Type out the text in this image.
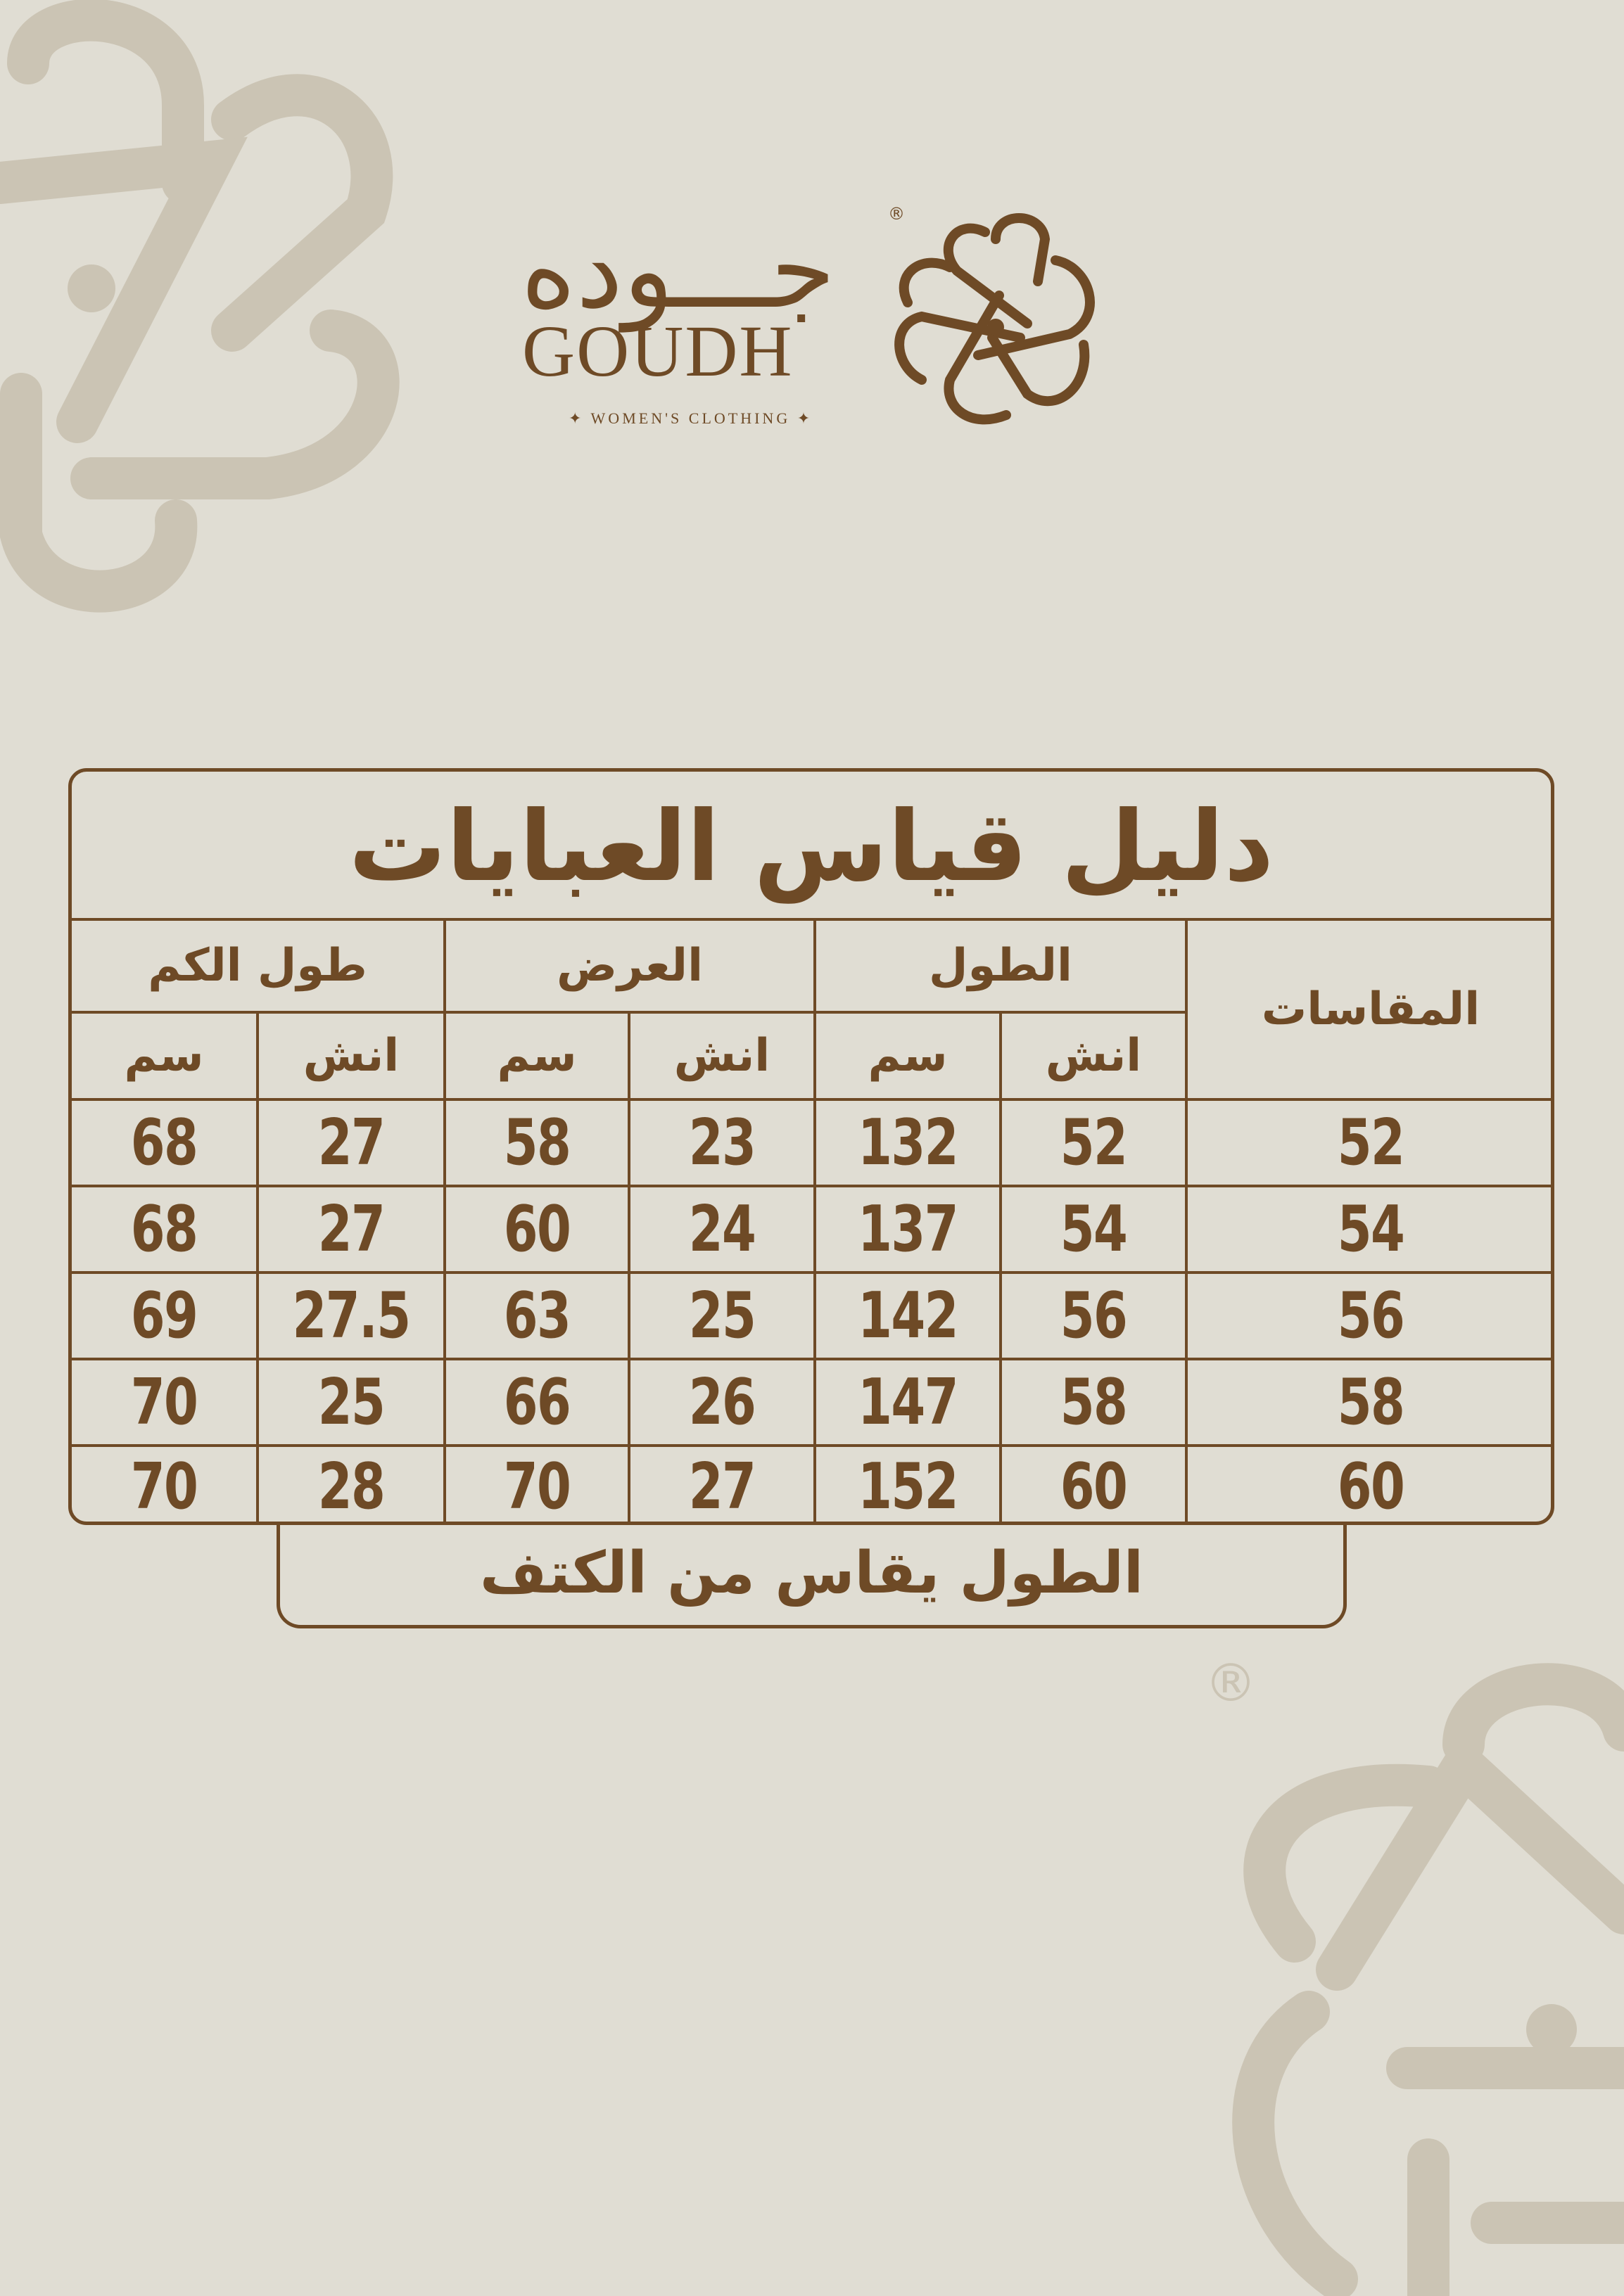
جـــوده
GOUDH
✦ WOMEN'S CLOTHING ✦
®
دليل قياس العبايات
طول الكم	العرض	الطول
المقاسات
سم	انش	سم	انش	سم	انش
68	27	58	23	132	52	52
68	27	60	24	137	54	54
69	27.5	63	25	142	56	56
70	25	66	26	147	58	58
70	28	70	27	152	60	60
الطول يقاس من الكتف
®
